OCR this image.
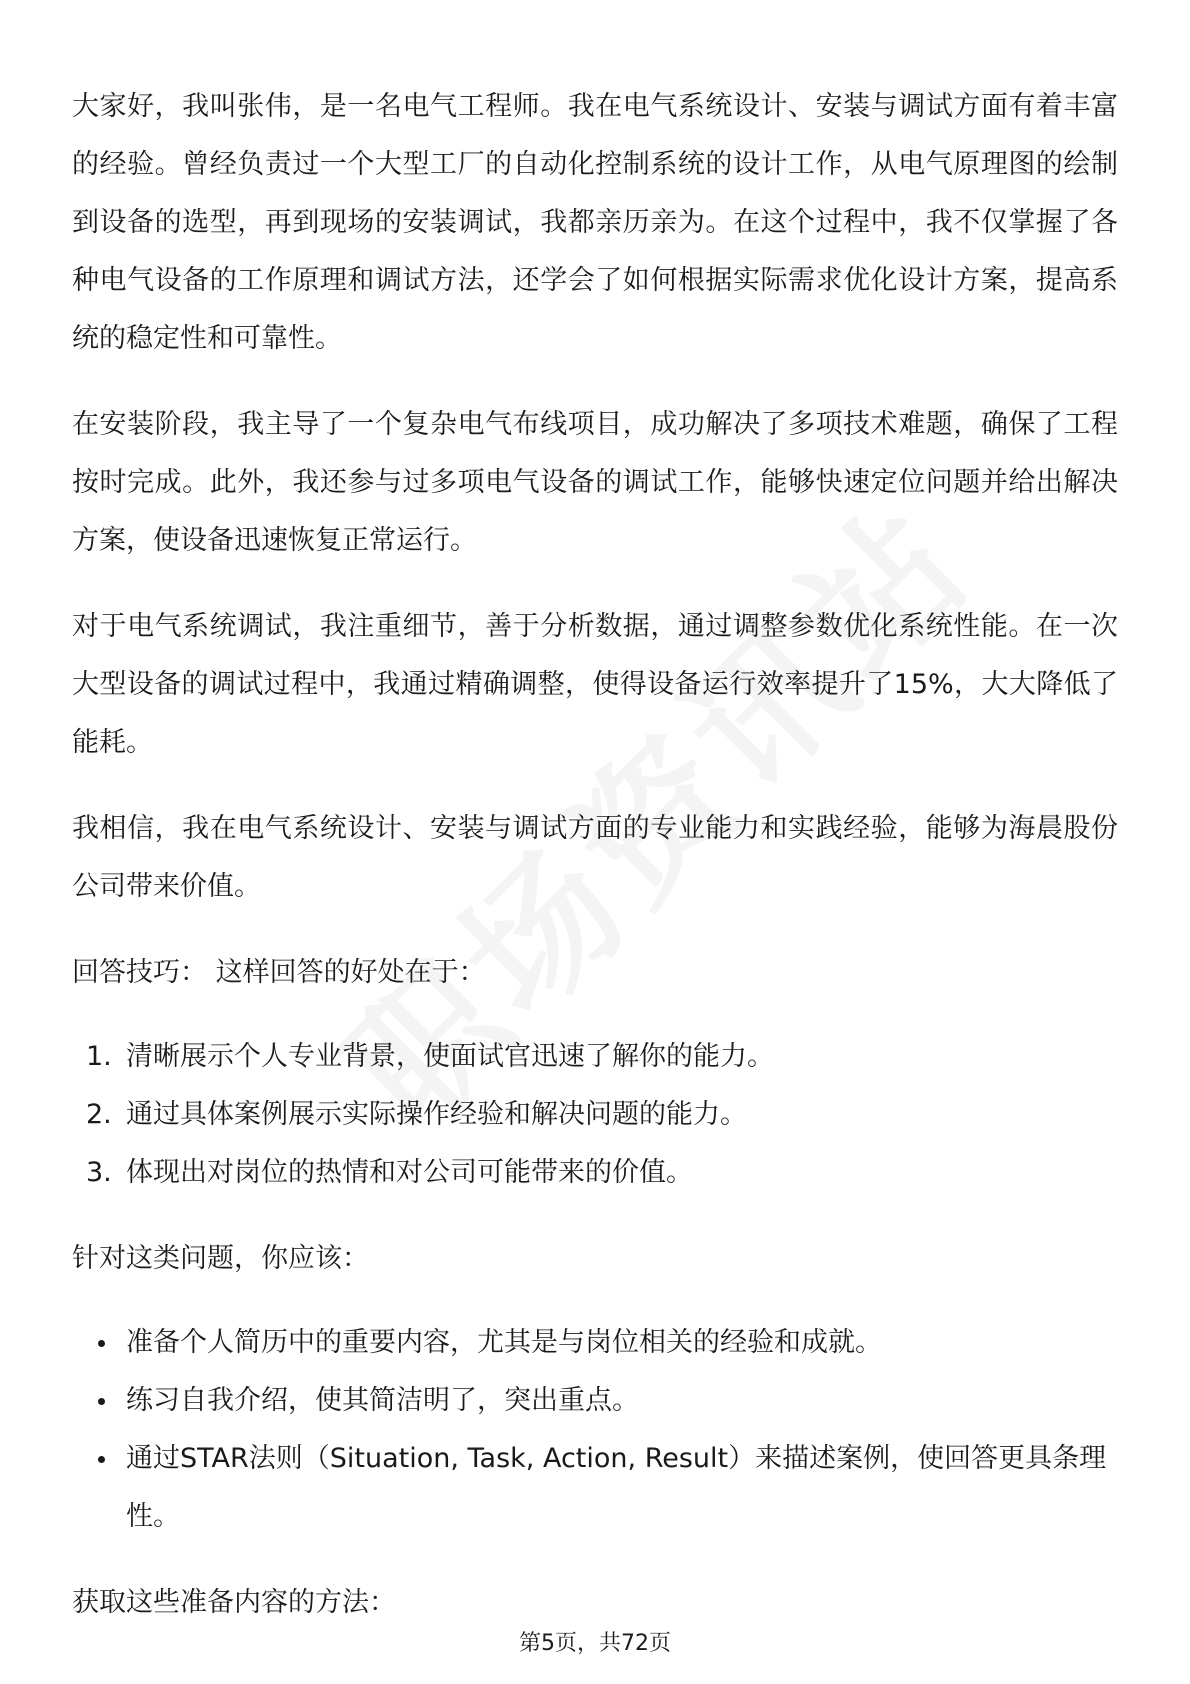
大家好，我叫张伟，是一名电气工程师。我在电气系统设计、安装与调试方面有着丰富的经验。曾经负责过一个大型工厂的自动化控制系统的设计工作，从电气原理图的绘制到设备的选型，再到现场的安装调试，我都亲历亲为。在这个过程中，我不仅掌握了各种电气设备的工作原理和调试方法，还学会了如何根据实际需求优化设计方案，提高系统的稳定性和可靠性。

在安装阶段，我主导了一个复杂电气布线项目，成功解决了多项技术难题，确保了工程按时完成。此外，我还参与过多项电气设备的调试工作，能够快速定位问题并给出解决方案，使设备迅速恢复正常运行。

对于电气系统调试，我注重细节，善于分析数据，通过调整参数优化系统性能。在一次大型设备的调试过程中，我通过精确调整，使得设备运行效率提升了15%，大大降低了能耗。

我相信，我在电气系统设计、安装与调试方面的专业能力和实践经验，能够为海晨股份公司带来价值。

回答技巧： 这样回答的好处在于：

1. 清晰展示个人专业背景，使面试官迅速了解你的能力。
2. 通过具体案例展示实际操作经验和解决问题的能力。
3. 体现出对岗位的热情和对公司可能带来的价值。

针对这类问题，你应该：

准备个人简历中的重要内容，尤其是与岗位相关的经验和成就。
练习自我介绍，使其简洁明了，突出重点。
通过STAR法则（Situation, Task, Action, Result）来描述案例，使回答更具条理性。

获取这些准备内容的方法：

第5页，共72页
